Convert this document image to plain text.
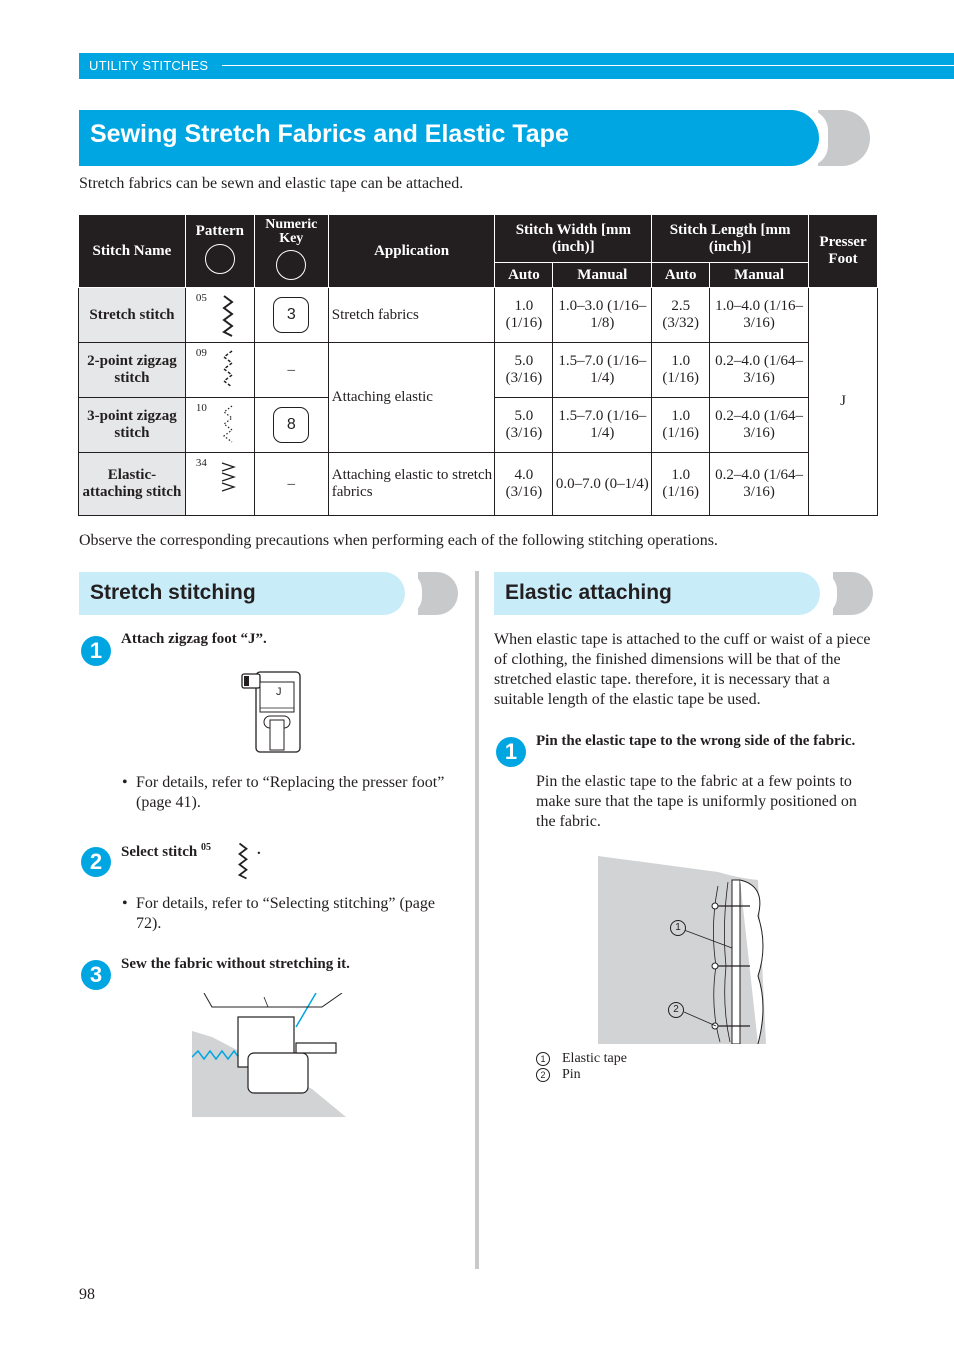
UTILITY STITCHES
Sewing Stretch Fabrics and Elastic Tape
Stretch fabrics can be sewn and elastic tape can be attached.
Stitch Name	Pattern	Numeric Key	Application	Stitch Width [mm (inch)]		Stitch Length [mm (inch)]		Presser Foot
				Auto	Manual	Auto	Manual	
Stretch stitch	05	3	Stretch fabrics	1.0 (1/16)	1.0–3.0 (1/16–1/8)	2.5 (3/32)	1.0–4.0 (1/16–3/16)	J
2-point zigzag stitch	09	–	Attaching elastic	5.0 (3/16)	1.5–7.0 (1/16–1/4)	1.0 (1/16)	0.2–4.0 (1/64–3/16)	
3-point zigzag stitch	10	8		5.0 (3/16)	1.5–7.0 (1/16–1/4)	1.0 (1/16)	0.2–4.0 (1/64–3/16)	
Elastic-attaching stitch	34	–	Attaching elastic to stretch fabrics	4.0 (3/16)	0.0–7.0 (0–1/4)	1.0 (1/16)	0.2–4.0 (1/64–3/16)	
Observe the corresponding precautions when performing each of the following stitching operations.
Stretch stitching	Elastic attaching
1	Attach zigzag foot “J”.
J
• For details, refer to “Replacing the presser foot” (page 41).
2	Select stitch $^{05}$	.
• For details, refer to “Selecting stitching” (page 72).
3	Sew the fabric without stretching it.
When elastic tape is attached to the cuff or waist of a piece of clothing, the finished dimensions will be that of the stretched elastic tape. therefore, it is necessary that a suitable length of the elastic tape be used.
1	Pin the elastic tape to the wrong side of the fabric.
Pin the elastic tape to the fabric at a few points to make sure that the tape is uniformly positioned on the fabric.
1
2
1	Elastic tape
2	Pin
98
